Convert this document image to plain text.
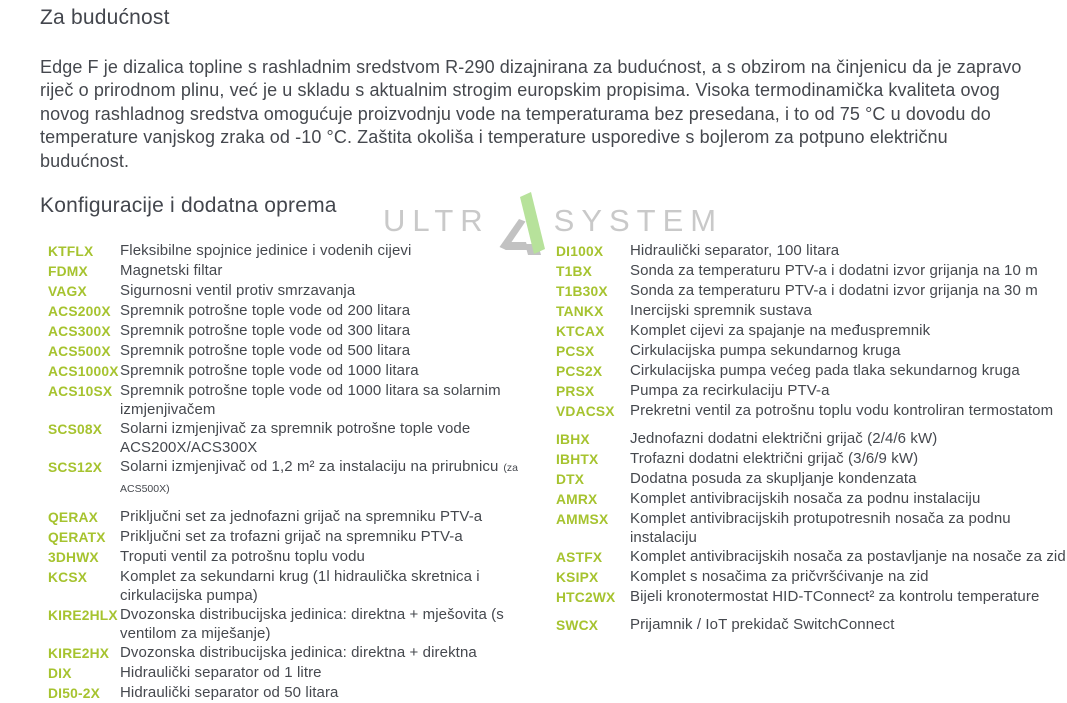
Za budućnost

Edge F je dizalica topline s rashladnim sredstvom R-290 dizajnirana za budućnost, a s obzirom na činjenicu da je zapravo riječ o prirodnom plinu, već je u skladu s aktualnim strogim europskim propisima. Visoka termodinamička kvaliteta ovog novog rashladnog sredstva omogućuje proizvodnju vode na temperaturama bez presedana, i to od 75 °C u dovodu do temperature vanjskog zraka od -10 °C. Zaštita okoliša i temperature usporedive s bojlerom za potpuno električnu budućnost.

Konfiguracije i dodatna oprema ULTR SYSTEM
KTFLX	Fleksibilne spojnice jedinice i vodenih cijevi
FDMX	Magnetski filtar
VAGX	Sigurnosni ventil protiv smrzavanja
ACS200X Spremnik potrošne tople vode od 200 litara
ACS300X Spremnik potrošne tople vode od 300 litara
ACS500X Spremnik potrošne tople vode od 500 litara
ACS1000X Spremnik potrošne tople vode od 1000 litara
ACS10SX Spremnik potrošne tople vode od 1000 litara sa solarnim izmjenjivačem
SCS08X	Solarni izmjenjivač za spremnik potrošne tople vode ACS200X/ACS300X
SCS12X	Solarni izmjenjivač od 1,2 m² za instalaciju na prirubnicu (za ACS500X)
QERAX	Priključni set za jednofazni grijač na spremniku PTV-a
QERATX Priključni set za trofazni grijač na spremniku PTV-a
3DHWX	Troputi ventil za potrošnu toplu vodu
KCSX	Komplet za sekundarni krug (1l hidraulička skretnica i cirkulacijska pumpa)
KIRE2HLX Dvozonska distribucijska jedinica: direktna + mješovita (s ventilom za miješanje)
KIRE2HX Dvozonska distribucijska jedinica: direktna + direktna
DIX	Hidraulički separator od 1 litre
DI50-2X	Hidraulički separator od 50 litara
DI100X	Hidraulički separator, 100 litara
T1BX	Sonda za temperaturu PTV-a i dodatni izvor grijanja na 10 m
T1B30X	Sonda za temperaturu PTV-a i dodatni izvor grijanja na 30 m
TANKX	Inercijski spremnik sustava
KTCAX	Komplet cijevi za spajanje na međuspremnik
PCSX	Cirkulacijska pumpa sekundarnog kruga
PCS2X	Cirkulacijska pumpa većeg pada tlaka sekundarnog kruga
PRSX	Pumpa za recirkulaciju PTV-a
VDACSX	Prekretni ventil za potrošnu toplu vodu kontroliran termostatom
IBHX	Jednofazni dodatni električni grijač (2/4/6 kW)
IBHTX	Trofazni dodatni električni grijač (3/6/9 kW)
DTX	Dodatna posuda za skupljanje kondenzata
AMRX	Komplet antivibracijskih nosača za podnu instalaciju
AMMSX	Komplet antivibracijskih protupotresnih nosača za podnu instalaciju
ASTFX	Komplet antivibracijskih nosača za postavljanje na nosače za zid
KSIPX	Komplet s nosačima za pričvršćivanje na zid
HTC2WX Bijeli kronotermostat HID-TConnect² za kontrolu temperature
SWCX	Prijamnik / IoT prekidač SwitchConnect
